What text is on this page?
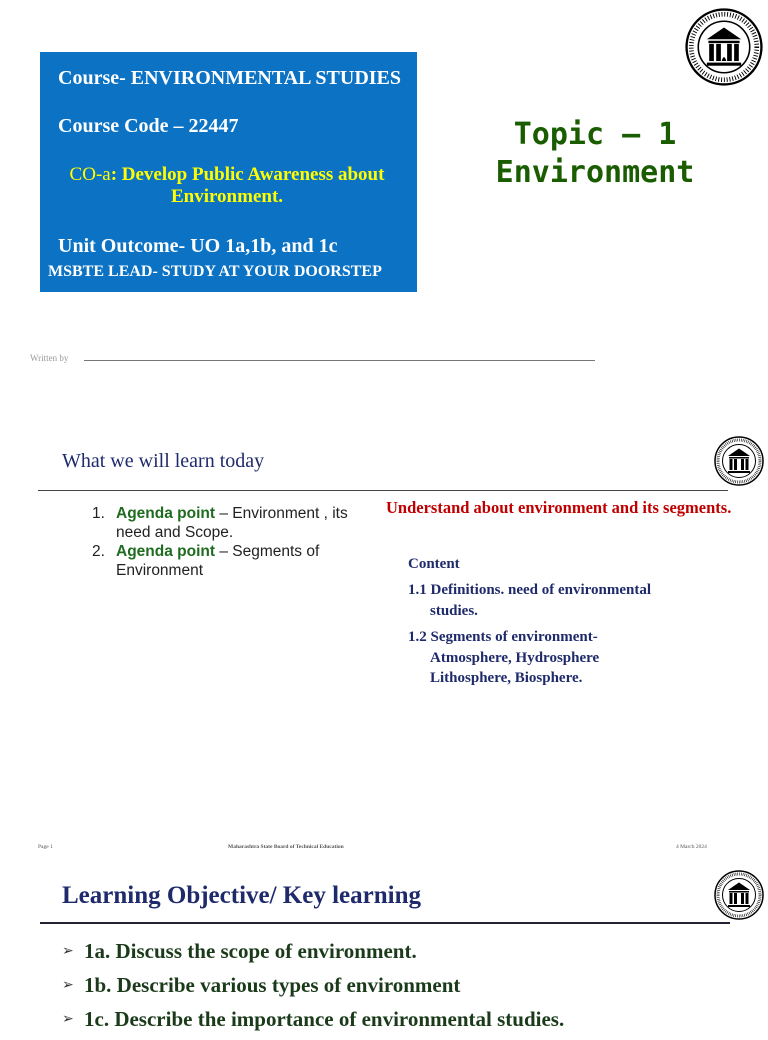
Course- ENVIRONMENTAL STUDIES
Course Code – 22447
CO-a: Develop Public Awareness about Environment.
Unit Outcome- UO 1a,1b, and 1c
MSBTE LEAD- STUDY AT YOUR DOORSTEP
Topic – 1
Environment
Written by
What we will learn today
1. Agenda point – Environment , its need and Scope.
2. Agenda point – Segments of Environment
Understand about environment and its segments.
Content
1.1 Definitions. need of environmental
studies.
1.2 Segments of environment-
Atmosphere, Hydrosphere
Lithosphere, Biosphere.
Page 1	Maharashtra State Board of Technical Education	4 March 2024
Learning Objective/ Key learning
➢ 1a. Discuss the scope of environment.
➢ 1b. Describe various types of environment
➢ 1c. Describe the importance of environmental studies.
